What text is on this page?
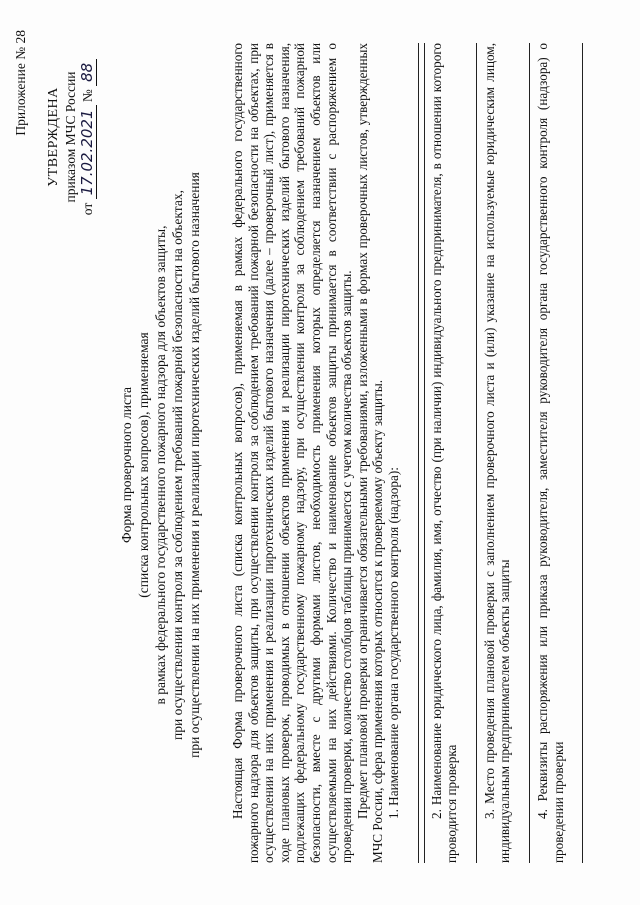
Приложение № 28
УТВЕРЖДЕНА приказом МЧС России
от 17.02.2021 № 88
Форма проверочного листа (списка контрольных вопросов), применяемая в рамках федерального государственного пожарного надзора для объектов защиты, при осуществлении контроля за соблюдением требований пожарной безопасности на объектах, при осуществлении на них применения и реализации пиротехнических изделий бытового назначения Настоящая Форма проверочного листа (списка контрольных вопросов), применяемая в рамках федерального государственного пожарного надзора для объектов защиты, при осуществлении контроля за соблюдением требований пожарной безопасности на объектах, при осуществлении на них применения и реализации пиротехнических изделий бытового назначения (далее – проверочный лист), применяется в ходе плановых проверок, проводимых в отношении объектов применения и реализации пиротехнических изделий бытового назначения, подлежащих федеральному государственному пожарному надзору, при осуществлении контроля за соблюдением требований пожарной безопасности, вместе с другими формами листов, необходимость применения которых определяется назначением объектов или осуществляемыми на них действиями. Количество и наименование объектов защиты принимается в соответствии с распоряжением о проведении проверки, количество столбцов таблицы принимается с учетом количества объектов защиты. Предмет плановой проверки ограничивается обязательными требованиями, изложенными в формах проверочных листов, утвержденных МЧС России, сфера применения которых относится к проверяемому объекту защиты. 1. Наименование органа государственного контроля (надзора): 2. Наименование юридического лица, фамилия, имя, отчество (при наличии) индивидуального предпринимателя, в отношении которого проводится проверка 3. Место проведения плановой проверки с заполнением проверочного листа и (или) указание на используемые юридическим лицом, индивидуальным предпринимателем объекты защиты 4. Реквизиты распоряжения или приказа руководителя, заместителя руководителя органа государственного контроля (надзора) о проведении проверки
